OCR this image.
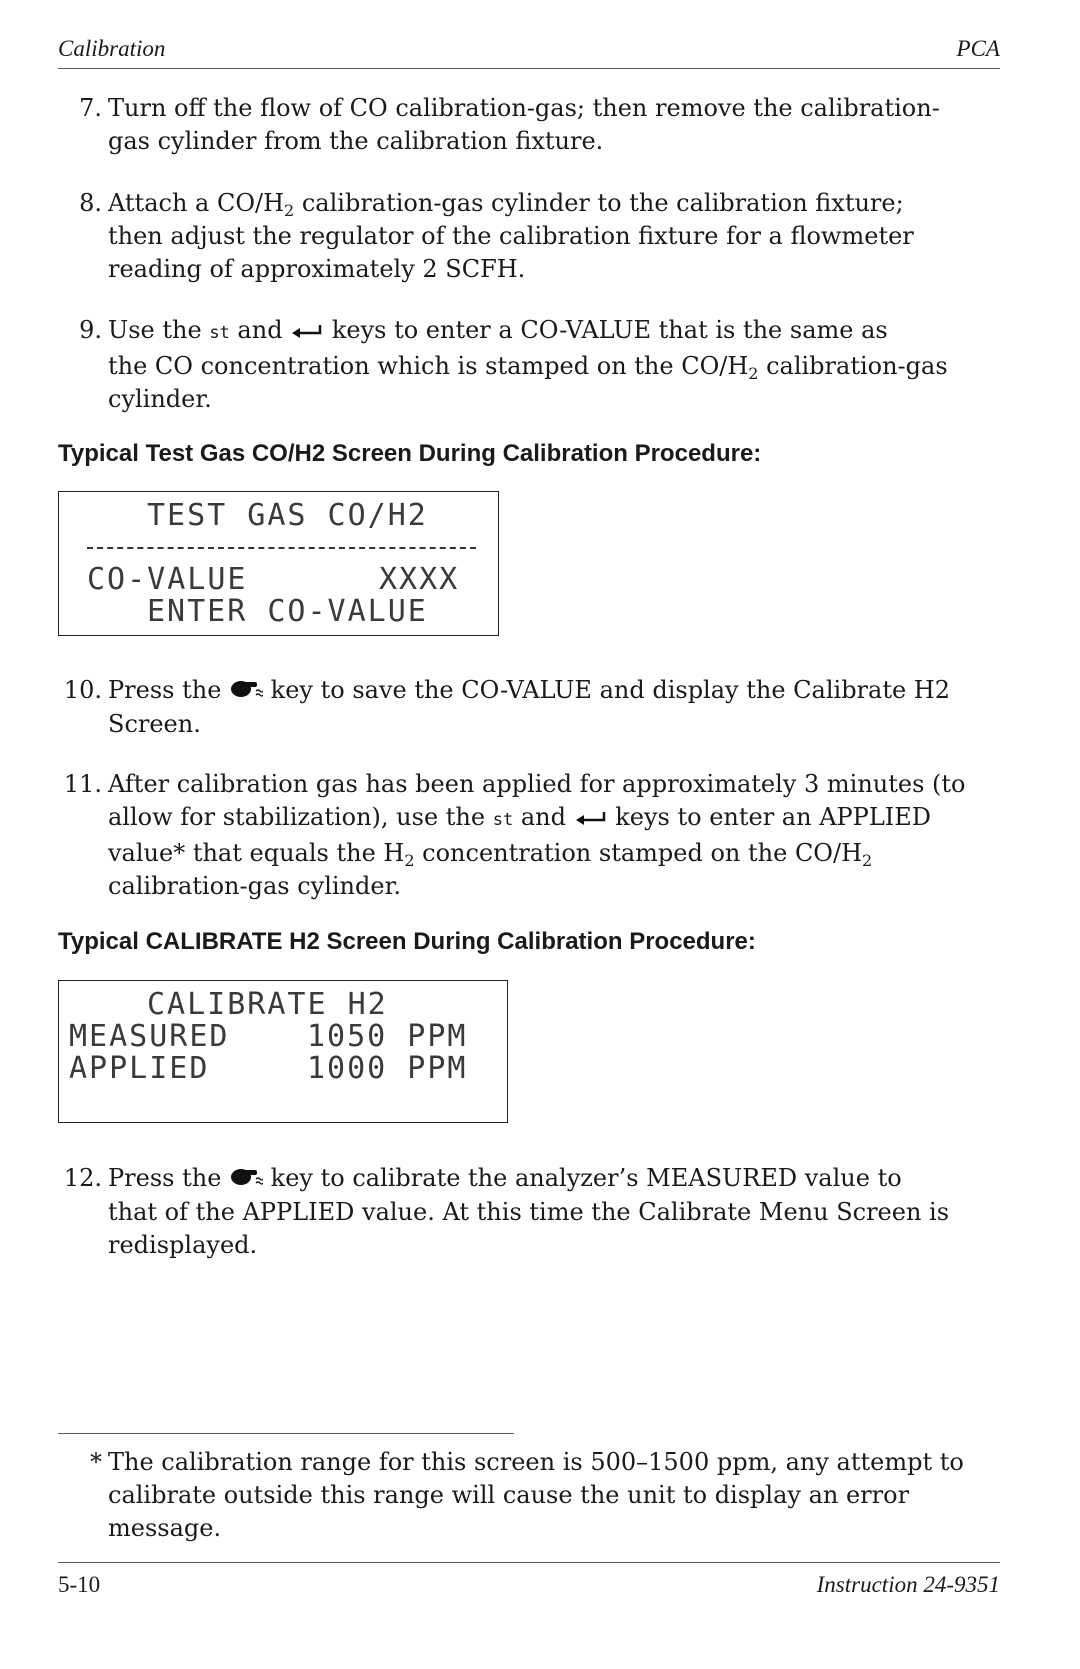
Calibration	PCA
7. Turn off the flow of CO calibration-gas; then remove the calibration-
gas cylinder from the calibration fixture.
8. Attach a $CO/H_2$ calibration-gas cylinder to the calibration fixture;
then adjust the regulator of the calibration fixture for a flowmeter
reading of approximately 2 SCFH.
9. Use the st and  keys to enter a CO-VALUE that is the same as
the CO concentration which is stamped on the $CO/H_2$ calibration-gas
cylinder.
Typical Test Gas CO/H2 Screen During Calibration Procedure:
TEST GAS CO/H2
CO-VALUE	XXXX
ENTER CO-VALUE
10. Press the  key to save the CO-VALUE and display the Calibrate H2
Screen.
11. After calibration gas has been applied for approximately 3 minutes (to
allow for stabilization), use the st and  keys to enter an APPLIED
value* that equals the $H_2$ concentration stamped on the $CO/H_2$
calibration-gas cylinder.
Typical CALIBRATE H2 Screen During Calibration Procedure:
CALIBRATE H2
MEASURED	1050 PPM
APPLIED	1000 PPM
12. Press the  key to calibrate the analyzer’s MEASURED value to
that of the APPLIED value. At this time the Calibrate Menu Screen is
redisplayed.
* The calibration range for this screen is 500–1500 ppm, any attempt to
calibrate outside this range will cause the unit to display an error
message.
5-10	Instruction 24-9351
